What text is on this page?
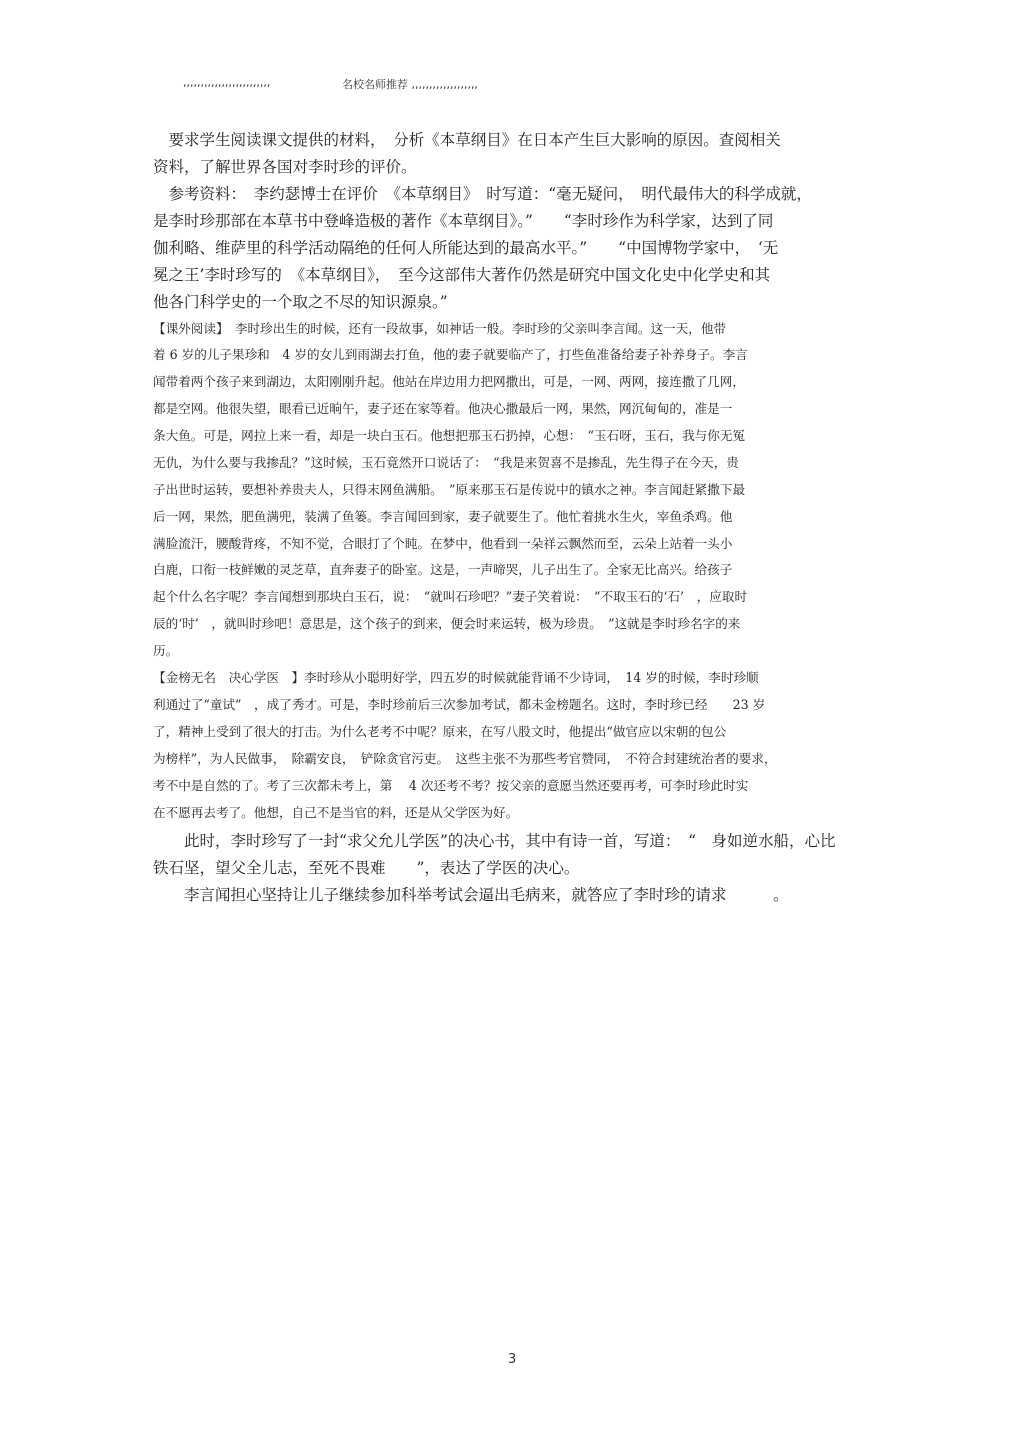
,,,,,,,,,,,,,,,,,,,,,,,,,	名校名师推荐 ,,,,,,,,,,,,,,,,,,,
　要求学生阅读课文提供的材料，　分析《本草纲目》在日本产生巨大影响的原因。查阅相关
资料，了解世界各国对李时珍的评价。
　参考资料：　李约瑟博士在评价　《本草纲目》　时写道：“毫无疑问，　明代最伟大的科学成就，
是李时珍那部在本草书中登峰造极的著作《本草纲目》。”　　“李时珍作为科学家，达到了同
伽利略、维萨里的科学活动隔绝的任何人所能达到的最高水平。”　　“中国博物学家中，　‘无
冕之王’李时珍写的　《本草纲目》，　至今这部伟大著作仍然是研究中国文化史中化学史和其
他各门科学史的一个取之不尽的知识源泉。”
【课外阅读】　李时珍出生的时候，还有一段故事，如神话一般。李时珍的父亲叫李言闻。这一天，他带
着 6 岁的儿子果珍和　4 岁的女儿到雨湖去打鱼，他的妻子就要临产了，打些鱼准备给妻子补养身子。李言
闻带着两个孩子来到湖边，太阳刚刚升起。他站在岸边用力把网撒出，可是，一网、两网，接连撒了几网，
都是空网。他很失望，眼看已近晌午，妻子还在家等着。他决心撒最后一网，果然，网沉甸甸的，准是一
条大鱼。可是，网拉上来一看，却是一块白玉石。他想把那玉石扔掉，心想：　“玉石呀，玉石，我与你无冤
无仇，为什么要与我掺乱？”这时候，玉石竟然开口说话了：　“我是来贺喜不是掺乱，先生得子在今天，贵
子出世时运转，要想补养贵夫人，只得末网鱼满船。　”原来那玉石是传说中的镇水之神。李言闻赶紧撒下最
后一网，果然，肥鱼满兜，装满了鱼篓。李言闻回到家，妻子就要生了。他忙着挑水生火，宰鱼杀鸡。他
满脸流汗，腰酸背疼，不知不觉，合眼打了个盹。在梦中，他看到一朵祥云飘然而至，云朵上站着一头小
白鹿，口衔一枝鲜嫩的灵芝草，直奔妻子的卧室。这是，一声啼哭，儿子出生了。全家无比高兴。给孩子
起个什么名字呢？李言闻想到那块白玉石，说：　“就叫石珍吧？”妻子笑着说：　“不取玉石的‘石’　，应取时
辰的‘时’　，就叫时珍吧！意思是，这个孩子的到来，便会时来运转，极为珍贵。　”这就是李时珍名字的来
历。
【金榜无名　决心学医　】李时珍从小聪明好学，四五岁的时候就能背诵不少诗词，　14 岁的时候，李时珍顺
利通过了“童试”　，成了秀才。可是，李时珍前后三次参加考试，都未金榜题名。这时，李时珍已经　　23 岁
了，精神上受到了很大的打击。为什么老考不中呢？原来，在写八股文时，他提出“做官应以宋朝的包公
为榜样”，为人民做事，　除霸安良，　铲除贪官污吏。　这些主张不为那些考官赞同，　不符合封建统治者的要求，
考不中是自然的了。考了三次都未考上，第　 4 次还考不考？按父亲的意愿当然还要再考，可李时珍此时实
在不愿再去考了。他想，自己不是当官的料，还是从父学医为好。
　　此时，李时珍写了一封“求父允儿学医”的决心书，其中有诗一首，写道：　“　身如逆水船，心比
铁石坚，望父全儿志，至死不畏难　　”，表达了学医的决心。
　　李言闻担心坚持让儿子继续参加科举考试会逼出毛病来，就答应了李时珍的请求　　　。
3
